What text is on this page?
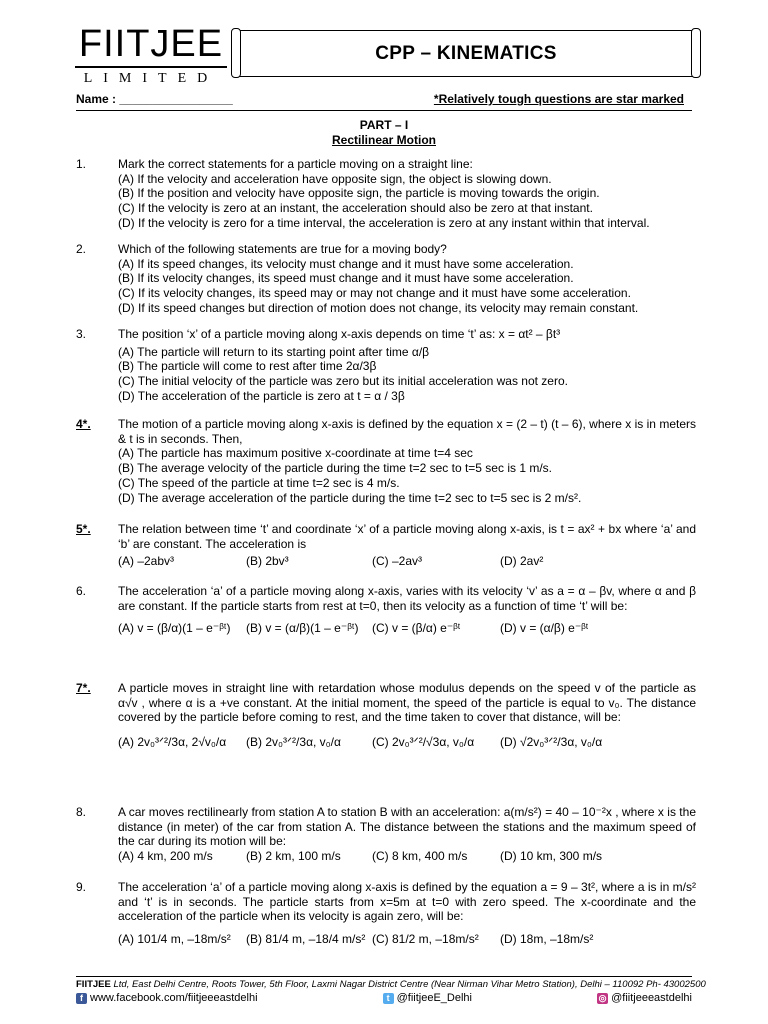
FIITJEE
LIMITED
CPP – KINEMATICS
Name : _________________	*Relatively tough questions are star marked
PART – I
Rectilinear Motion
1.	Mark the correct statements for a particle moving on a straight line:
(A) If the velocity and acceleration have opposite sign, the object is slowing down.
(B) If the position and velocity have opposite sign, the particle is moving towards the origin.
(C) If the velocity is zero at an instant, the acceleration should also be zero at that instant.
(D) If the velocity is zero for a time interval, the acceleration is zero at any instant within that interval.
2.	Which of the following statements are true for a moving body?
(A) If its speed changes, its velocity must change and it must have some acceleration.
(B) If its velocity changes, its speed must change and it must have some acceleration.
(C) If its velocity changes, its speed may or may not change and it must have some acceleration.
(D) If its speed changes but direction of motion does not change, its velocity may remain constant.
3.	The position ‘x’ of a particle moving along x-axis depends on time ‘t’ as: x = αt² – βt³
(A) The particle will return to its starting point after time α/β
(B) The particle will come to rest after time 2α/3β
(C) The initial velocity of the particle was zero but its initial acceleration was not zero.
(D) The acceleration of the particle is zero at t = α / 3β
4*.	The motion of a particle moving along x-axis is defined by the equation x = (2 – t) (t – 6), where x is in meters & t is in seconds. Then,
(A) The particle has maximum positive x-coordinate at time t=4 sec
(B) The average velocity of the particle during the time t=2 sec to t=5 sec is 1 m/s.
(C) The speed of the particle at time t=2 sec is 4 m/s.
(D) The average acceleration of the particle during the time t=2 sec to t=5 sec is 2 m/s².
5*.	The relation between time ‘t’ and coordinate ‘x’ of a particle moving along x-axis, is t = ax² + bx where ‘a’ and ‘b’ are constant. The acceleration is
(A) –2abv³	(B) 2bv³	(C) –2av³	(D) 2av²
6.	The acceleration ‘a’ of a particle moving along x-axis, varies with its velocity ‘v’ as a = α – βv, where α and β are constant. If the particle starts from rest at t=0, then its velocity as a function of time ‘t’ will be:
(A) v = (β/α)(1 – e⁻ᵝᵗ)	(B) v = (α/β)(1 – e⁻ᵝᵗ)	(C) v = (β/α) e⁻ᵝᵗ	(D) v = (α/β) e⁻ᵝᵗ
7*.	A particle moves in straight line with retardation whose modulus depends on the speed v of the particle as α√v , where α is a +ve constant. At the initial moment, the speed of the particle is equal to v₀. The distance covered by the particle before coming to rest, and the time taken to cover that distance, will be:
(A) 2v₀³ᐟ²/3α, 2√v₀/α	(B) 2v₀³ᐟ²/3α, v₀/α	(C) 2v₀³ᐟ²/√3α, v₀/α	(D) √2v₀³ᐟ²/3α, v₀/α
8.	A car moves rectilinearly from station A to station B with an acceleration: a(m/s²) = 40 – 10⁻²x , where x is the distance (in meter) of the car from station A. The distance between the stations and the maximum speed of the car during its motion will be:
(A) 4 km, 200 m/s	(B) 2 km, 100 m/s	(C) 8 km, 400 m/s	(D) 10 km, 300 m/s
9.	The acceleration ‘a’ of a particle moving along x-axis is defined by the equation a = 9 – 3t², where a is in m/s² and ‘t’ is in seconds. The particle starts from x=5m at t=0 with zero speed. The x-coordinate and the acceleration of the particle when its velocity is again zero, will be:
(A) 101/4 m, –18m/s²	(B) 81/4 m, –18/4 m/s² (C) 81/2 m, –18m/s²	(D) 18m, –18m/s²
FIITJEE Ltd, East Delhi Centre, Roots Tower, 5th Floor, Laxmi Nagar District Centre (Near Nirman Vihar Metro Station), Delhi – 110092 Ph- 43002500
f www.facebook.com/fiitjeeeastdelhi	t @fiitjeeE_Delhi	◎ @fiitjeeeastdelhi
